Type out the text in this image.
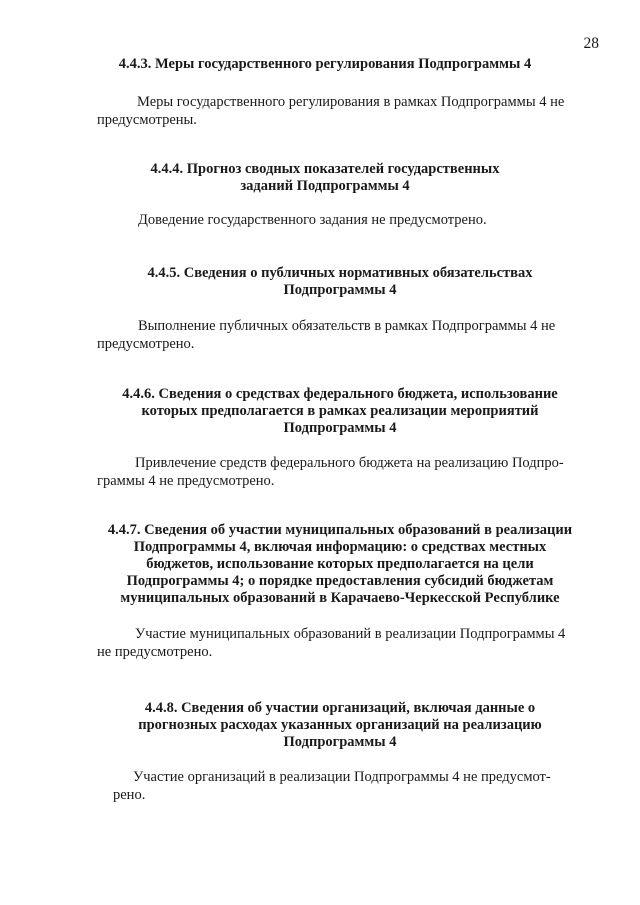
28
4.4.3. Меры государственного регулирования Подпрограммы 4
Меры государственного регулирования в рамках Подпрограммы 4 не
предусмотрены.
4.4.4. Прогноз сводных показателей государственных
заданий Подпрограммы 4
Доведение государственного задания не предусмотрено.
4.4.5. Сведения о публичных нормативных обязательствах
Подпрограммы 4
Выполнение публичных обязательств в рамках Подпрограммы 4 не
предусмотрено.
4.4.6. Сведения о средствах федерального бюджета, использование
которых предполагается в рамках реализации мероприятий
Подпрограммы 4
Привлечение средств федерального бюджета на реализацию Подпро-
граммы 4 не предусмотрено.
4.4.7. Сведения об участии муниципальных образований в реализации
Подпрограммы 4, включая информацию: о средствах местных
бюджетов, использование которых предполагается на цели
Подпрограммы 4; о порядке предоставления субсидий бюджетам
муниципальных образований в Карачаево-Черкесской Республике
Участие муниципальных образований в реализации Подпрограммы 4
не предусмотрено.
4.4.8. Сведения об участии организаций, включая данные о
прогнозных расходах указанных организаций на реализацию
Подпрограммы 4
Участие организаций в реализации Подпрограммы 4 не предусмот-
рено.
